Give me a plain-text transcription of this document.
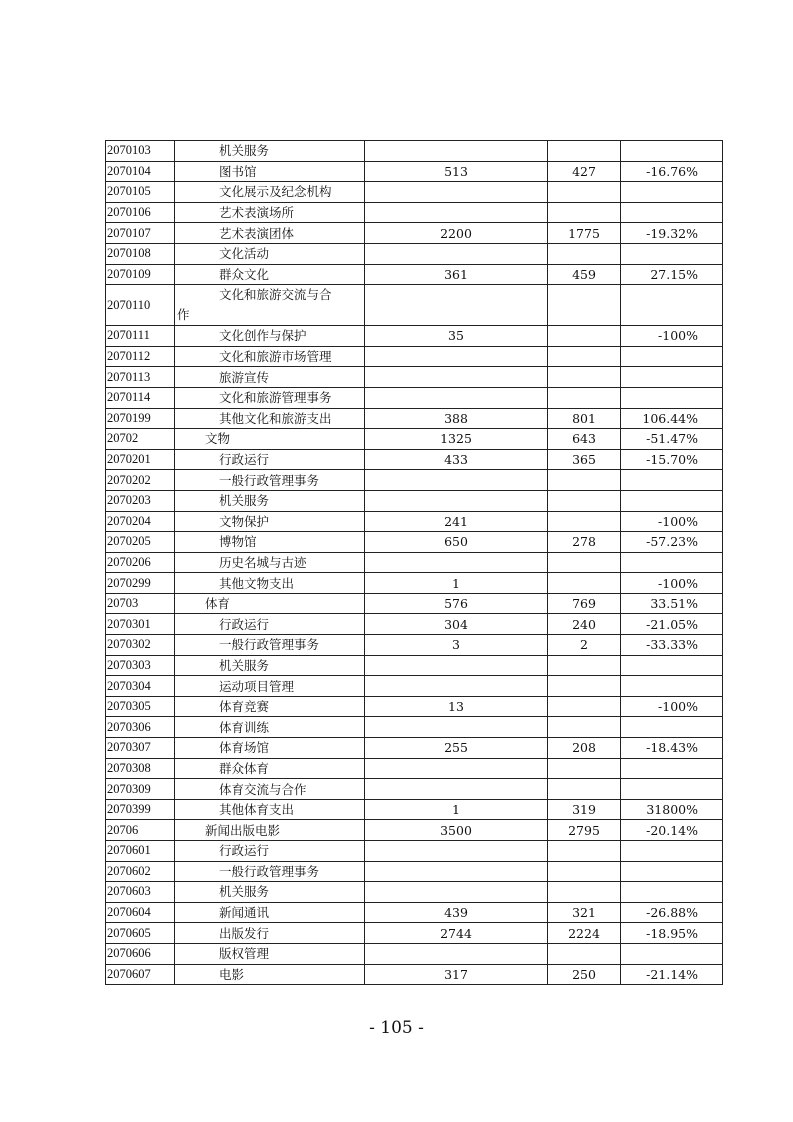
2070103	机关服务			
2070104	图书馆	513	427	-16.76%
2070105	文化展示及纪念机构			
2070106	艺术表演场所			
2070107	艺术表演团体	2200	1775	-19.32%
2070108	文化活动			
2070109	群众文化	361	459	27.15%
2070110	文化和旅游交流与合
作			

2070111	文化创作与保护	35		-100%
2070112	文化和旅游市场管理			
2070113	旅游宣传			
2070114	文化和旅游管理事务			
2070199	其他文化和旅游支出	388	801	106.44%
20702	文物	1325	643	-51.47%
2070201	行政运行	433	365	-15.70%
2070202	一般行政管理事务			
2070203	机关服务			
2070204	文物保护	241		-100%
2070205	博物馆	650	278	-57.23%
2070206	历史名城与古迹			
2070299	其他文物支出	1		-100%
20703	体育	576	769	33.51%
2070301	行政运行	304	240	-21.05%
2070302	一般行政管理事务	3	2	-33.33%
2070303	机关服务			
2070304	运动项目管理			
2070305	体育竞赛	13		-100%
2070306	体育训练			
2070307	体育场馆	255	208	-18.43%
2070308	群众体育			
2070309	体育交流与合作			
2070399	其他体育支出	1	319	31800%
20706	新闻出版电影	3500	2795	-20.14%
2070601	行政运行			
2070602	一般行政管理事务			
2070603	机关服务			
2070604	新闻通讯	439	321	-26.88%
2070605	出版发行	2744	2224	-18.95%
2070606	版权管理			
2070607	电影	317	250	-21.14%
- 105 -
